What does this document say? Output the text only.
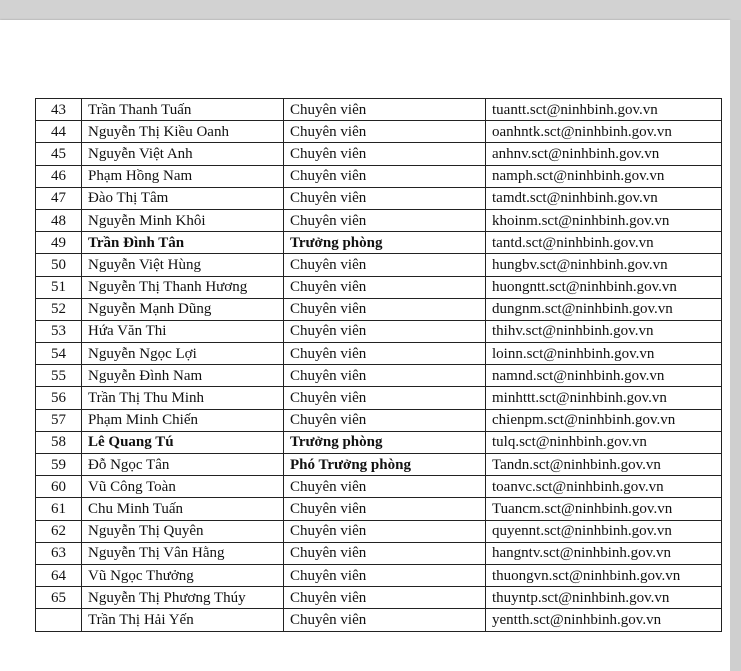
43	Trần Thanh Tuấn	Chuyên viên	tuantt.sct@ninhbinh.gov.vn
44	Nguyễn Thị Kiều Oanh	Chuyên viên	oanhntk.sct@ninhbinh.gov.vn
45	Nguyễn Việt Anh	Chuyên viên	anhnv.sct@ninhbinh.gov.vn
46	Phạm Hồng Nam	Chuyên viên	namph.sct@ninhbinh.gov.vn
47	Đào Thị Tâm	Chuyên viên	tamdt.sct@ninhbinh.gov.vn
48	Nguyễn Minh Khôi	Chuyên viên	khoinm.sct@ninhbinh.gov.vn
49	Trần Đình Tân	Trưởng phòng	tantd.sct@ninhbinh.gov.vn
50	Nguyễn Việt Hùng	Chuyên viên	hungbv.sct@ninhbinh.gov.vn
51	Nguyễn Thị Thanh Hương	Chuyên viên	huongntt.sct@ninhbinh.gov.vn
52	Nguyễn Mạnh Dũng	Chuyên viên	dungnm.sct@ninhbinh.gov.vn
53	Hứa Văn Thi	Chuyên viên	thihv.sct@ninhbinh.gov.vn
54	Nguyễn Ngọc Lợi	Chuyên viên	loinn.sct@ninhbinh.gov.vn
55	Nguyễn Đình Nam	Chuyên viên	namnd.sct@ninhbinh.gov.vn
56	Trần Thị Thu Minh	Chuyên viên	minhttt.sct@ninhbinh.gov.vn
57	Phạm Minh Chiến	Chuyên viên	chienpm.sct@ninhbinh.gov.vn
58	Lê Quang Tú	Trưởng phòng	tulq.sct@ninhbinh.gov.vn
59	Đỗ Ngọc Tân	Phó Trưởng phòng	Tandn.sct@ninhbinh.gov.vn
60	Vũ Công Toàn	Chuyên viên	toanvc.sct@ninhbinh.gov.vn
61	Chu Minh Tuấn	Chuyên viên	Tuancm.sct@ninhbinh.gov.vn
62	Nguyễn Thị Quyên	Chuyên viên	quyennt.sct@ninhbinh.gov.vn
63	Nguyễn Thị Vân Hằng	Chuyên viên	hangntv.sct@ninhbinh.gov.vn
64	Vũ Ngọc Thưởng	Chuyên viên	thuongvn.sct@ninhbinh.gov.vn
65	Nguyễn Thị Phương Thúy	Chuyên viên	thuyntp.sct@ninhbinh.gov.vn
	Trần Thị Hải Yến	Chuyên viên	yentth.sct@ninhbinh.gov.vn
